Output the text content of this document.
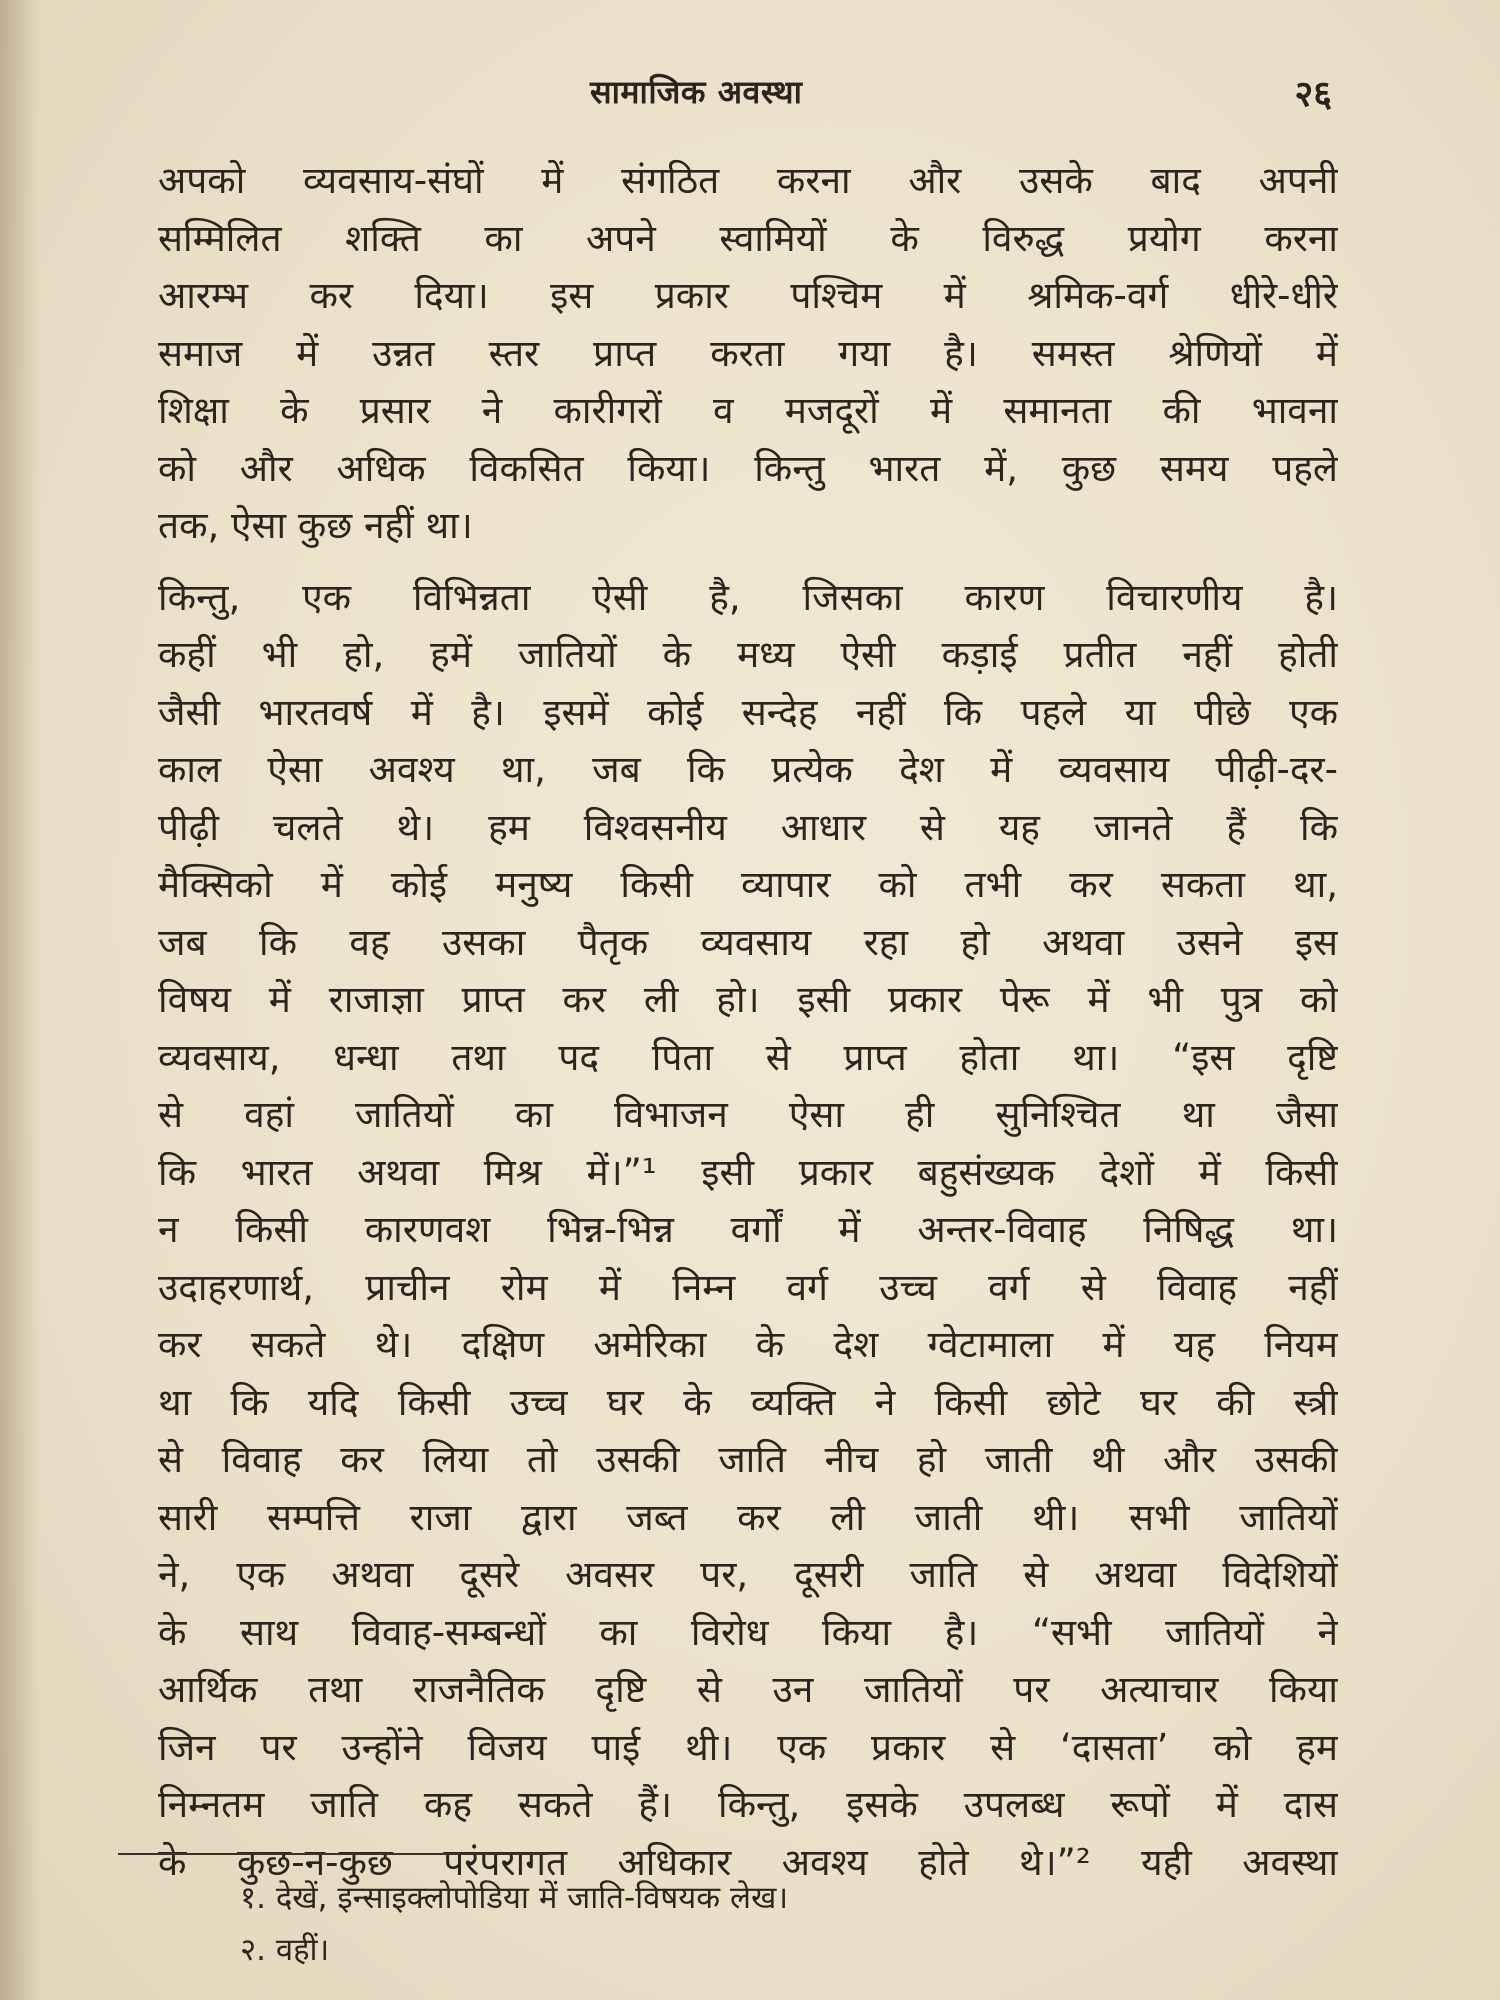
सामाजिक अवस्था	२६
अपको व्यवसाय-संघों में संगठित करना और उसके बाद अपनी
सम्मिलित शक्ति का अपने स्वामियों के विरुद्ध प्रयोग करना
आरम्भ कर दिया। इस प्रकार पश्चिम में श्रमिक-वर्ग धीरे-धीरे
समाज में उन्नत स्तर प्राप्त करता गया है। समस्त श्रेणियों में
शिक्षा के प्रसार ने कारीगरों व मजदूरों में समानता की भावना
को और अधिक विकसित किया। किन्तु भारत में, कुछ समय पहले
तक, ऐसा कुछ नहीं था।
किन्तु, एक विभिन्नता ऐसी है, जिसका कारण विचारणीय है।
कहीं भी हो, हमें जातियों के मध्य ऐसी कड़ाई प्रतीत नहीं होती
जैसी भारतवर्ष में है। इसमें कोई सन्देह नहीं कि पहले या पीछे एक
काल ऐसा अवश्य था, जब कि प्रत्येक देश में व्यवसाय पीढ़ी-दर-
पीढ़ी चलते थे। हम विश्वसनीय आधार से यह जानते हैं कि
मैक्सिको में कोई मनुष्य किसी व्यापार को तभी कर सकता था,
जब कि वह उसका पैतृक व्यवसाय रहा हो अथवा उसने इस
विषय में राजाज्ञा प्राप्त कर ली हो। इसी प्रकार पेरू में भी पुत्र को
व्यवसाय, धन्धा तथा पद पिता से प्राप्त होता था। “इस दृष्टि
से वहां जातियों का विभाजन ऐसा ही सुनिश्चित था जैसा
कि भारत अथवा मिश्र में।”¹ इसी प्रकार बहुसंख्यक देशों में किसी
न किसी कारणवश भिन्न-भिन्न वर्गों में अन्तर-विवाह निषिद्ध था।
उदाहरणार्थ, प्राचीन रोम में निम्न वर्ग उच्च वर्ग से विवाह नहीं
कर सकते थे। दक्षिण अमेरिका के देश ग्वेटामाला में यह नियम
था कि यदि किसी उच्च घर के व्यक्ति ने किसी छोटे घर की स्त्री
से विवाह कर लिया तो उसकी जाति नीच हो जाती थी और उसकी
सारी सम्पत्ति राजा द्वारा जब्त कर ली जाती थी। सभी जातियों
ने, एक अथवा दूसरे अवसर पर, दूसरी जाति से अथवा विदेशियों
के साथ विवाह-सम्बन्धों का विरोध किया है। “सभी जातियों ने
आर्थिक तथा राजनैतिक दृष्टि से उन जातियों पर अत्याचार किया
जिन पर उन्होंने विजय पाई थी। एक प्रकार से ‘दासता’ को हम
निम्नतम जाति कह सकते हैं। किन्तु, इसके उपलब्ध रूपों में दास
के कुछ-न-कुछ परंपरागत अधिकार अवश्य होते थे।”² यही अवस्था
१. देखें, इन्साइक्लोपोडिया में जाति-विषयक लेख।
२. वहीं।
